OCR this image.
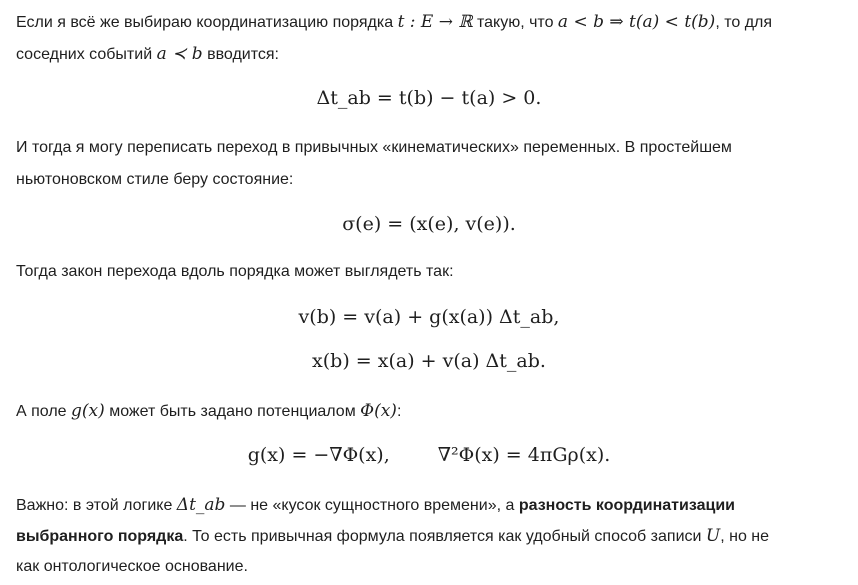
Если я всё же выбираю координатизацию порядка t : E → ℝ такую, что a < b ⇒ t(a) < t(b), то для
соседних событий a ≺ b вводится:
Δt_ab = t(b) − t(a) > 0.
И тогда я могу переписать переход в привычных «кинематических» переменных. В простейшем
ньютоновском стиле беру состояние:
σ(e) = (x(e), v(e)).
Тогда закон перехода вдоль порядка может выглядеть так:
v(b) = v(a) + g(x(a)) Δt_ab,
x(b) = x(a) + v(a) Δt_ab.
А поле g(x) может быть задано потенциалом Φ(x):
g(x) = −∇Φ(x),	∇²Φ(x) = 4πGρ(x).
Важно: в этой логике Δt_ab — не «кусок сущностного времени», а разность координатизации
выбранного порядка. То есть привычная формула появляется как удобный способ записи U, но не
как онтологическое основание.
